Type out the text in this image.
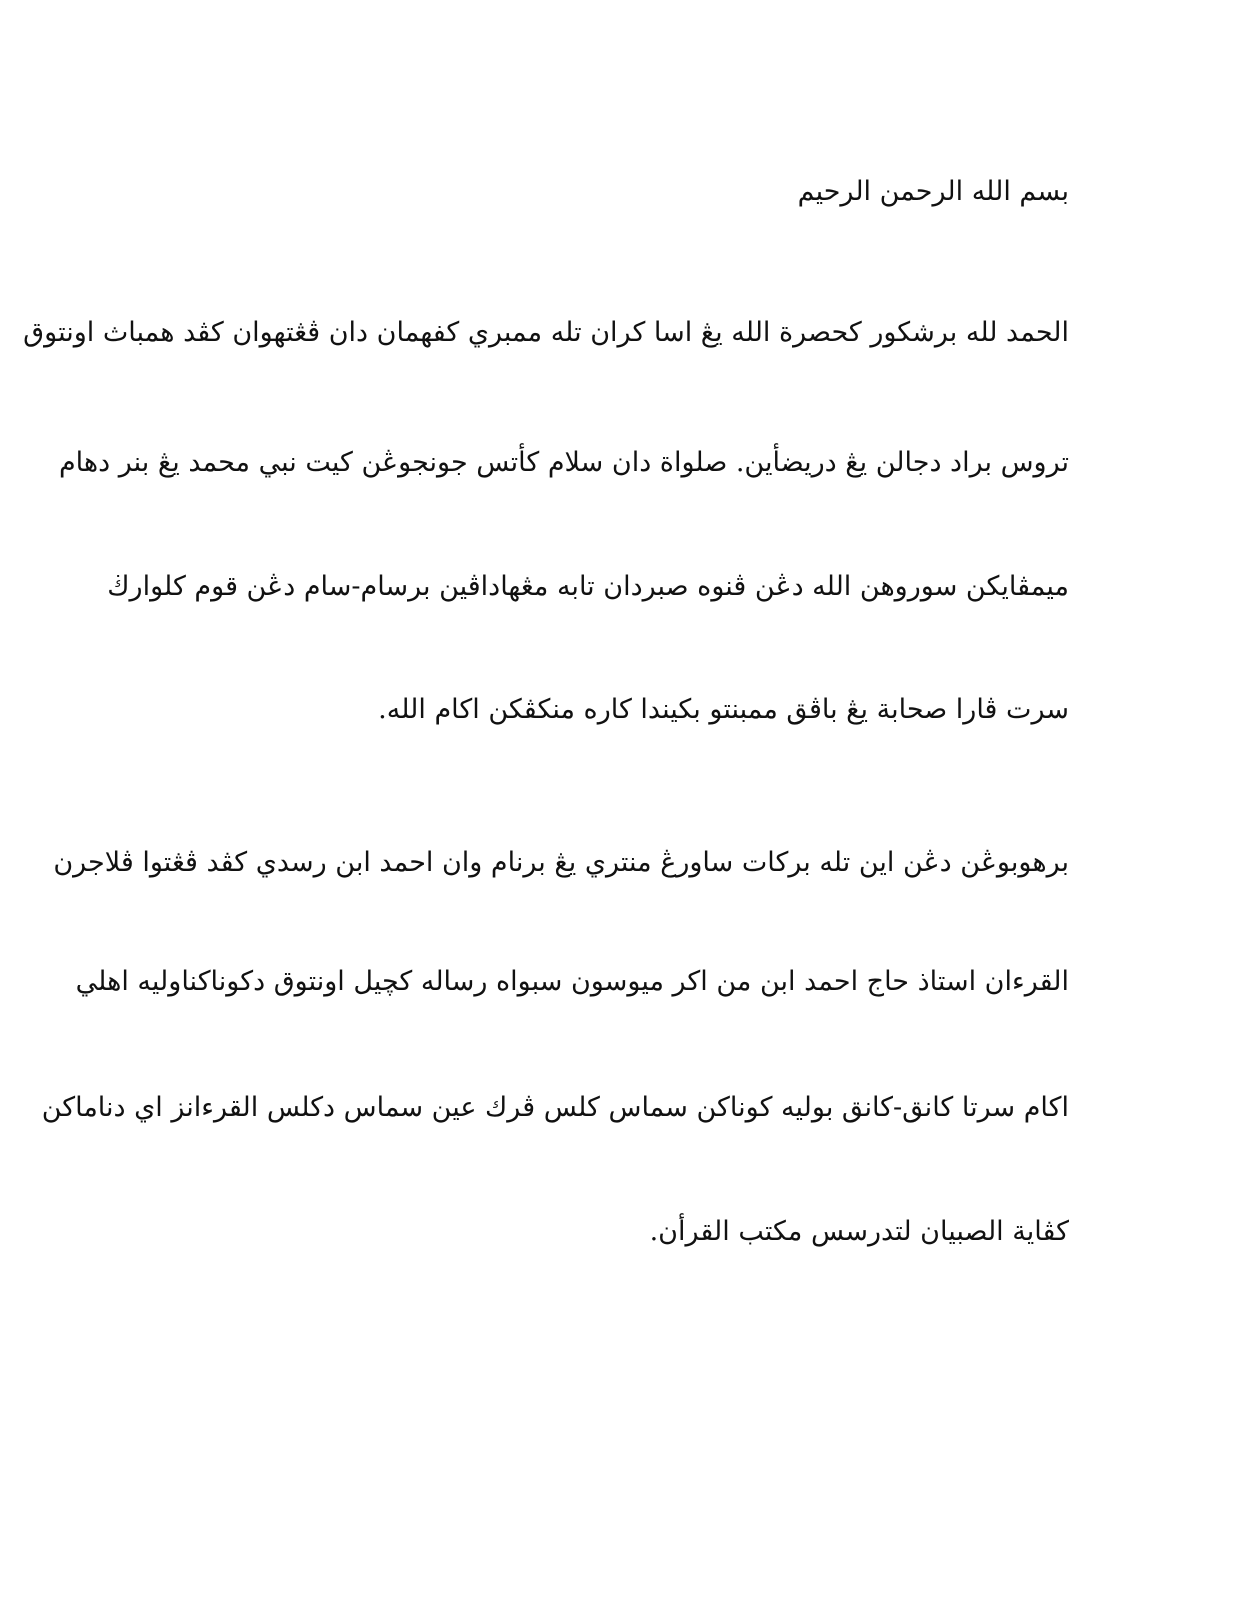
بسم الله الرحمن الرحيم
الحمد لله برشكور كحصرة الله يڠ اسا كران تله ممبري كفهمان دان ڤڠتهوان كڤد همباث اونتوق
تروس براد دجالن يڠ دريضأين. صلواة دان سلام كأتس جونجوڠن كيت نبي محمد يڠ بنر دهام
ميمڤايكن سوروهن الله دڠن ڤنوه صبردان تابه مڠهاداڤين برسام-سام دڠن قوم كلوارڬ
سرت ڤارا صحابة يڠ باڤق ممبنتو بكيندا كاره منكڤكن اكام الله.
برهوبوڠن دڠن اين تله بركات ساورڠ منتري يڠ برنام وان احمد ابن رسدي كڤد ڤڠتوا ڤلاجرن
القرءان استاذ حاج احمد ابن من اكر ميوسون سبواه رساله كچيل اونتوق دكوناكناوليه اهلي
اكام سرتا كانق-كانق بوليه كوناكن سماس كلس ڤرك عين سماس دكلس القرءانز اي دناماكن
كڤاية الصبيان لتدرسس مكتب القرأن.
